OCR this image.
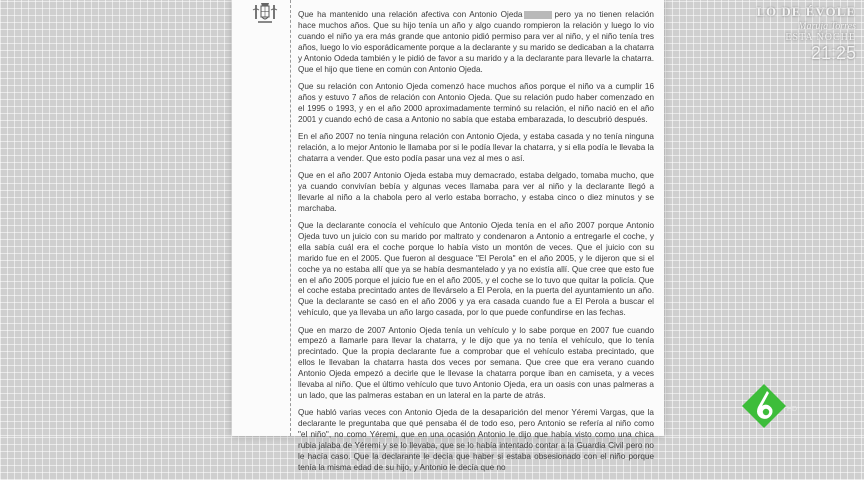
Que ha mantenido una relación afectiva con Antonio Ojeda	pero ya no tienen relación hace muchos años. Que su hijo tenía un año y algo cuando rompieron la relación y luego lo vio cuando el niño ya era más grande que antonio pidió permiso para ver al niño, y el niño tenía tres años, luego lo vio esporádicamente porque a la declarante y su marido se dedicaban a la chatarra y Antonio Odeda también y le pidió de favor a su marido y a la declarante para llevarle la chatarra. Que el hijo que tiene en común con Antonio Ojeda.

Que su relación con Antonio Ojeda comenzó hace muchos años porque el niño va a cumplir 16 años y estuvo 7 años de relación con Antonio Ojeda. Que su relación pudo haber comenzado en el 1995 o 1993, y en el año 2000 aproximadamente terminó su relación, el niño nació en el año 2001 y cuando echó de casa a Antonio no sabía que estaba embarazada, lo descubrió después.

En el año 2007 no tenía ninguna relación con Antonio Ojeda, y estaba casada y no tenía ninguna relación, a lo mejor Antonio le llamaba por si le podía llevar la chatarra, y si ella podía le llevaba la chatarra a vender. Que esto podía pasar una vez al mes o así.

Que en el año 2007 Antonio Ojeda estaba muy demacrado, estaba delgado, tomaba mucho, que ya cuando convivían bebía y algunas veces llamaba para ver al niño y la declarante llegó a llevarle al niño a la chabola pero al verlo estaba borracho, y estaba cinco o diez minutos y se marchaba.

Que la declarante conocía el vehículo que Antonio Ojeda tenía en el año 2007 porque Antonio Ojeda tuvo un juicio con su marido por maltrato y condenaron a Antonio a entregarle el coche, y ella sabía cuál era el coche porque lo había visto un montón de veces. Que el juicio con su marido fue en el 2005. Que fueron al desguace "El Perola" en el año 2005, y le dijeron que si el coche ya no estaba allí que ya se había desmantelado y ya no existía allí. Que cree que esto fue en el año 2005 porque el juicio fue en el año 2005, y el coche se lo tuvo que quitar la policía. Que el coche estaba precintado antes de llevárselo a El Perola, en la puerta del ayuntamiento un año. Que la declarante se casó en el año 2006 y ya era casada cuando fue a El Perola a buscar el vehículo, que ya llevaba un año largo casada, por lo que puede confundirse en las fechas.

Que en marzo de 2007 Antonio Ojeda tenía un vehículo y lo sabe porque en 2007 fue cuando empezó a llamarle para llevar la chatarra, y le dijo que ya no tenía el vehículo, que lo tenía precintado. Que la propia declarante fue a comprobar que el vehículo estaba precintado, que ellos le llevaban la chatarra hasta dos veces por semana. Que cree que era verano cuando Antonio Ojeda empezó a decirle que le llevase la chatarra porque iban en camiseta, y a veces llevaba al niño. Que el último vehículo que tuvo Antonio Ojeda, era un oasis con unas palmeras a un lado, que las palmeras estaban en un lateral en la parte de atrás.

Que habló varias veces con Antonio Ojeda de la desaparición del menor Yéremi Vargas, que la declarante le preguntaba que qué pensaba él de todo eso, pero Antonio se refería al niño como "el niño", no como Yéremi, que en una ocasión Antonio le dijo que había visto como una chica rubia jalaba de Yéremi y se lo llevaba, que se lo había intentado contar a la Guardia Civil pero no le hacía caso. Que la declarante le decía que haber si estaba obsesionado con el niño porque tenía la misma edad de su hijo, y Antonio le decía que no

LO DE ÉVOLE
Maruja Torres
ESTA NOCHE
21:25
HD
